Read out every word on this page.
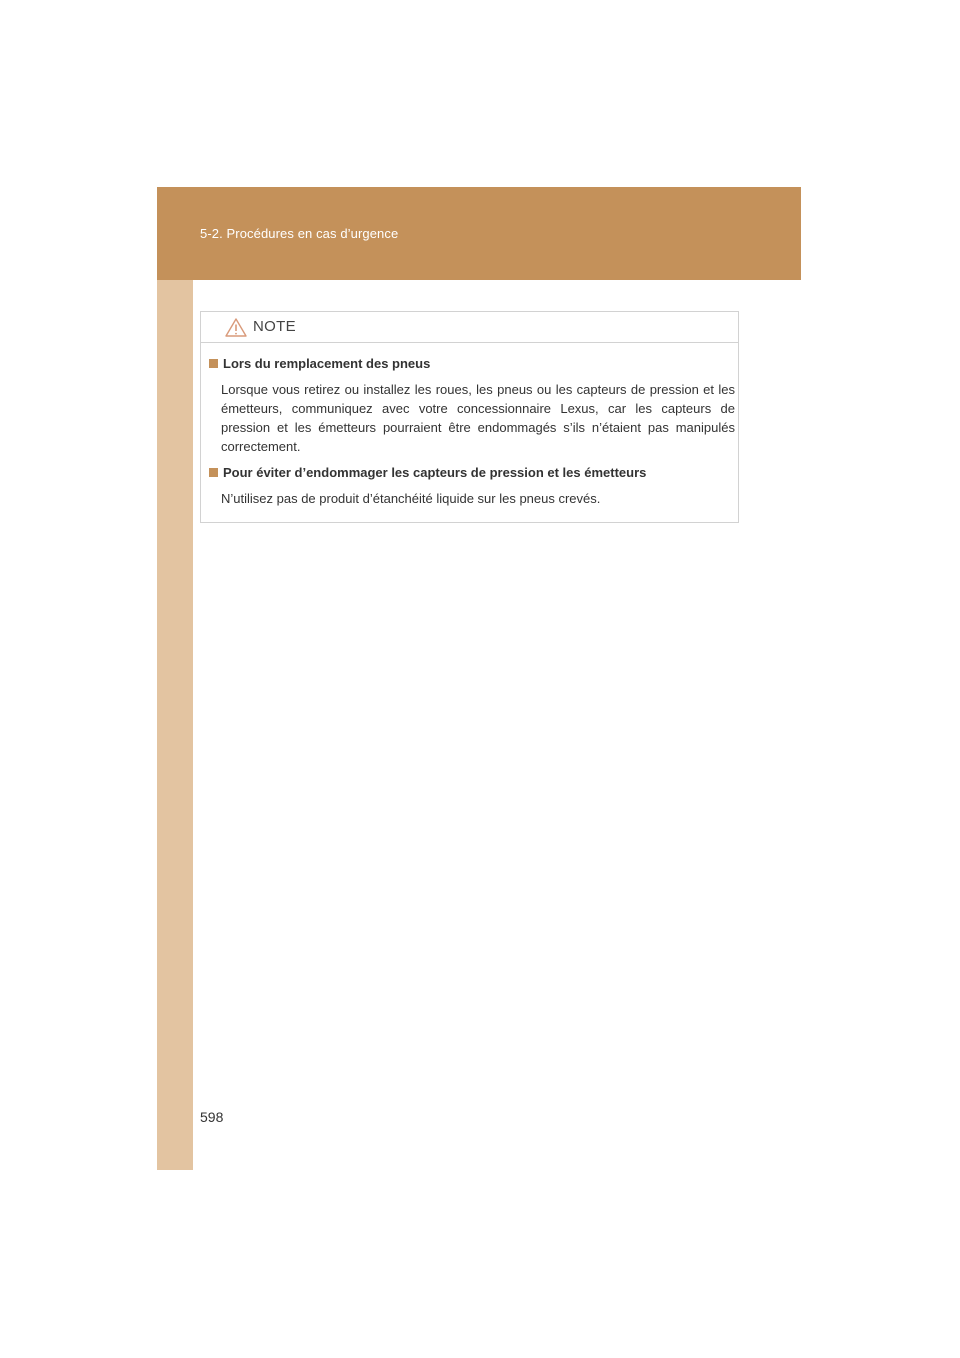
5-2. Procédures en cas d’urgence
NOTE
Lors du remplacement des pneus
Lorsque vous retirez ou installez les roues, les pneus ou les capteurs de pression et les émetteurs, communiquez avec votre concessionnaire Lexus, car les capteurs de pression et les émetteurs pourraient être endommagés s’ils n’étaient pas manipulés correctement.
Pour éviter d’endommager les capteurs de pression et les émetteurs
N’utilisez pas de produit d’étanchéité liquide sur les pneus crevés.
598
